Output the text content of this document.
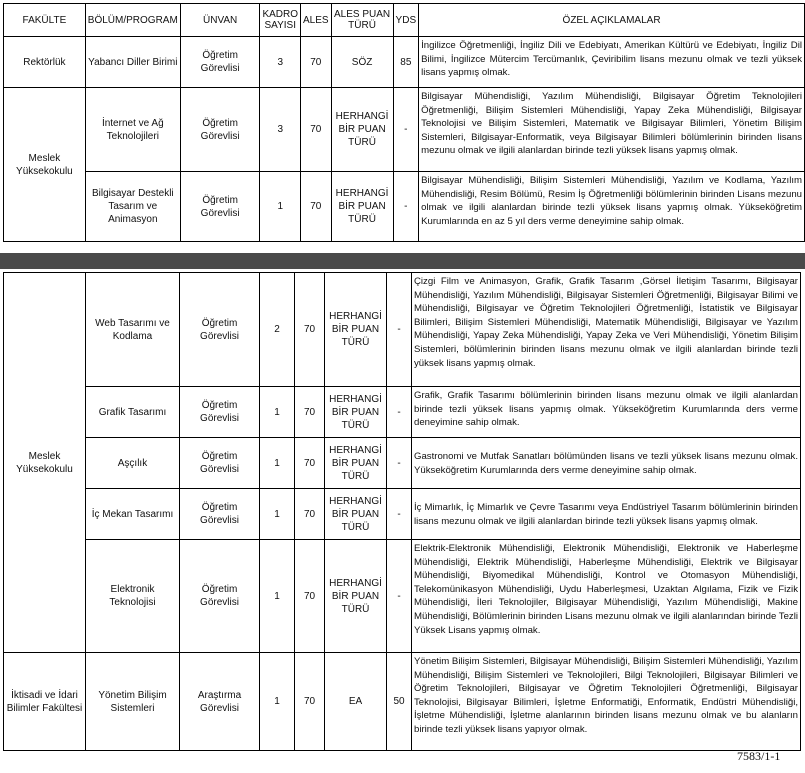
FAKÜLTE	BÖLÜM/PROGRAM	ÜNVAN	KADRO SAYISI	ALES	ALES PUAN TÜRÜ	YDS	ÖZEL AÇIKLAMALAR
Rektörlük	Yabancı Diller Birimi	Öğretim Görevlisi	3	70	SÖZ	85	İngilizce Öğretmenliği, İngiliz Dili ve Edebiyatı, Amerikan Kültürü ve Edebiyatı, İngiliz Dil Bilimi, İngilizce Mütercim Tercümanlık, Çeviribilim lisans mezunu olmak ve tezli yüksek lisans yapmış olmak.
Meslek Yüksekokulu	İnternet ve Ağ Teknolojileri	Öğretim Görevlisi	3	70	HERHANGİ BİR PUAN TÜRÜ	-	Bilgisayar Mühendisliği, Yazılım Mühendisliği, Bilgisayar Öğretim Teknolojileri Öğretmenliği, Bilişim Sistemleri Mühendisliği, Yapay Zeka Mühendisliği, Bilgisayar Teknolojisi ve Bilişim Sistemleri, Matematik ve Bilgisayar Bilimleri, Yönetim Bilişim Sistemleri, Bilgisayar-Enformatik, veya Bilgisayar Bilimleri bölümlerinin birinden lisans mezunu olmak ve ilgili alanlardan birinde tezli yüksek lisans yapmış olmak.
	Bilgisayar Destekli Tasarım ve Animasyon	Öğretim Görevlisi	1	70	HERHANGİ BİR PUAN TÜRÜ	-	Bilgisayar Mühendisliği, Bilişim Sistemleri Mühendisliği, Yazılım ve Kodlama, Yazılım Mühendisliği, Resim Bölümü, Resim İş Öğretmenliği bölümlerinin birinden Lisans mezunu olmak ve ilgili alanlardan birinde tezli yüksek lisans yapmış olmak. Yükseköğretim Kurumlarında en az 5 yıl ders verme deneyimine sahip olmak.
Meslek Yüksekokulu	Web Tasarımı ve Kodlama	Öğretim Görevlisi	2	70	HERHANGİ BİR PUAN TÜRÜ	-	Çizgi Film ve Animasyon, Grafik, Grafik Tasarım ,Görsel İletişim Tasarımı, Bilgisayar Mühendisliği, Yazılım Mühendisliği, Bilgisayar Sistemleri Öğretmenliği, Bilgisayar Bilimi ve Mühendisliği, Bilgisayar ve Öğretim Teknolojileri Öğretmenliği, İstatistik ve Bilgisayar Bilimleri, Bilişim Sistemleri Mühendisliği, Matematik Mühendisliği, Bilgisayar ve Yazılım Mühendisliği, Yapay Zeka Mühendisliği, Yapay Zeka ve Veri Mühendisliği, Yönetim Bilişim Sistemleri, bölümlerinin birinden lisans mezunu olmak ve ilgili alanlardan birinde tezli yüksek lisans yapmış olmak.
	Grafik Tasarımı	Öğretim Görevlisi	1	70	HERHANGİ BİR PUAN TÜRÜ	-	Grafik, Grafik Tasarımı bölümlerinin birinden lisans mezunu olmak ve ilgili alanlardan birinde tezli yüksek lisans yapmış olmak. Yükseköğretim Kurumlarında ders verme deneyimine sahip olmak.
	Aşçılık	Öğretim Görevlisi	1	70	HERHANGİ BİR PUAN TÜRÜ	-	Gastronomi ve Mutfak Sanatları bölümünden lisans ve tezli yüksek lisans mezunu olmak. Yükseköğretim Kurumlarında ders verme deneyimine sahip olmak.
	İç Mekan Tasarımı	Öğretim Görevlisi	1	70	HERHANGİ BİR PUAN TÜRÜ	-	İç Mimarlık, İç Mimarlık ve Çevre Tasarımı veya Endüstriyel Tasarım bölümlerinin birinden lisans mezunu olmak ve ilgili alanlardan birinde tezli yüksek lisans yapmış olmak.
	Elektronik Teknolojisi	Öğretim Görevlisi	1	70	HERHANGİ BİR PUAN TÜRÜ	-	Elektrik-Elektronik Mühendisliği, Elektronik Mühendisliği, Elektronik ve Haberleşme Mühendisliği, Elektrik Mühendisliği, Haberleşme Mühendisliği, Elektrik ve Bilgisayar Mühendisliği, Biyomedikal Mühendisliği, Kontrol ve Otomasyon Mühendisliği, Telekomünikasyon Mühendisliği, Uydu Haberleşmesi, Uzaktan Algılama, Fizik ve Fizik Mühendisliği, İleri Teknolojiler, Bilgisayar Mühendisliği, Yazılım Mühendisliği, Makine Mühendisliği, Bölümlerinin birinden Lisans mezunu olmak ve ilgili alanlarından birinde Tezli Yüksek Lisans yapmış olmak.
İktisadi ve İdari Bilimler Fakültesi	Yönetim Bilişim Sistemleri	Araştırma Görevlisi	1	70	EA	50	Yönetim Bilişim Sistemleri, Bilgisayar Mühendisliği, Bilişim Sistemleri Mühendisliği, Yazılım Mühendisliği, Bilişim Sistemleri ve Teknolojileri, Bilgi Teknolojileri, Bilgisayar Bilimleri ve Öğretim Teknolojileri, Bilgisayar ve Öğretim Teknolojileri Öğretmenliği, Bilgisayar Teknolojisi, Bilgisayar Bilimleri, İşletme Enformatiği, Enformatik, Endüstri Mühendisliği, İşletme Mühendisliği, İşletme alanlarının birinden lisans mezunu olmak ve bu alanların birinde tezli yüksek lisans yapıyor olmak.
7583/1-1
